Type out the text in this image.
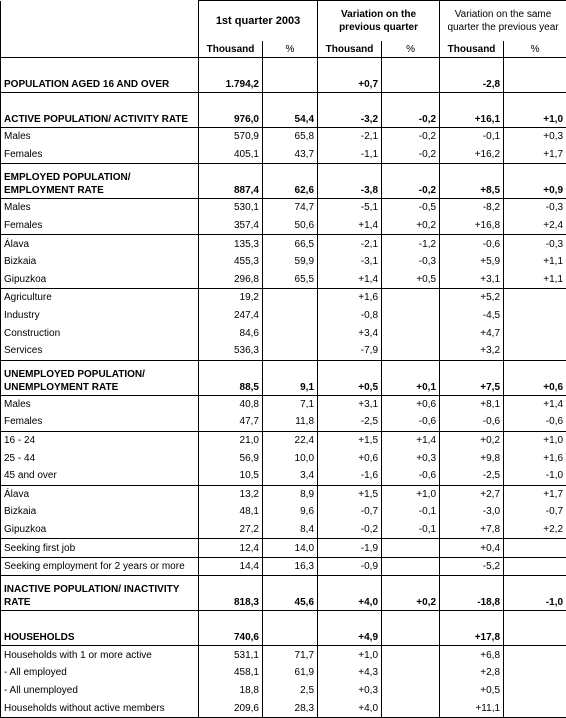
	1st quarter 2003		Variation on the previous quarter		Variation on the same quarter the previous year	
	Thousand	%	Thousand	%	Thousand	%
POPULATION AGED 16 AND OVER	1.794,2		+0,7		-2,8	
ACTIVE POPULATION/ ACTIVITY RATE	976,0	54,4	-3,2	-0,2	+16,1	+1,0
Males	570,9	65,8	-2,1	-0,2	-0,1	+0,3
Females	405,1	43,7	-1,1	-0,2	+16,2	+1,7
EMPLOYED POPULATION/ EMPLOYMENT RATE	887,4	62,6	-3,8	-0,2	+8,5	+0,9
Males	530,1	74,7	-5,1	-0,5	-8,2	-0,3
Females	357,4	50,6	+1,4	+0,2	+16,8	+2,4
Álava	135,3	66,5	-2,1	-1,2	-0,6	-0,3
Bizkaia	455,3	59,9	-3,1	-0,3	+5,9	+1,1
Gipuzkoa	296,8	65,5	+1,4	+0,5	+3,1	+1,1
Agriculture	19,2		+1,6		+5,2	
Industry	247,4		-0,8		-4,5	
Construction	84,6		+3,4		+4,7	
Services	536,3		-7,9		+3,2	
UNEMPLOYED POPULATION/ UNEMPLOYMENT RATE	88,5	9,1	+0,5	+0,1	+7,5	+0,6
Males	40,8	7,1	+3,1	+0,6	+8,1	+1,4
Females	47,7	11,8	-2,5	-0,6	-0,6	-0,6
16 - 24	21,0	22,4	+1,5	+1,4	+0,2	+1,0
25 - 44	56,9	10,0	+0,6	+0,3	+9,8	+1,6
45 and over	10,5	3,4	-1,6	-0,6	-2,5	-1,0
Álava	13,2	8,9	+1,5	+1,0	+2,7	+1,7
Bizkaia	48,1	9,6	-0,7	-0,1	-3,0	-0,7
Gipuzkoa	27,2	8,4	-0,2	-0,1	+7,8	+2,2
Seeking first job	12,4	14,0	-1,9		+0,4	
Seeking employment for 2 years or more	14,4	16,3	-0,9		-5,2	
INACTIVE POPULATION/ INACTIVITY RATE	818,3	45,6	+4,0	+0,2	-18,8	-1,0
HOUSEHOLDS	740,6		+4,9		+17,8	
Households with 1 or more active	531,1	71,7	+1,0		+6,8	
- All employed	458,1	61,9	+4,3		+2,8	
- All unemployed	18,8	2,5	+0,3		+0,5	
Households without active members	209,6	28,3	+4,0		+11,1	
